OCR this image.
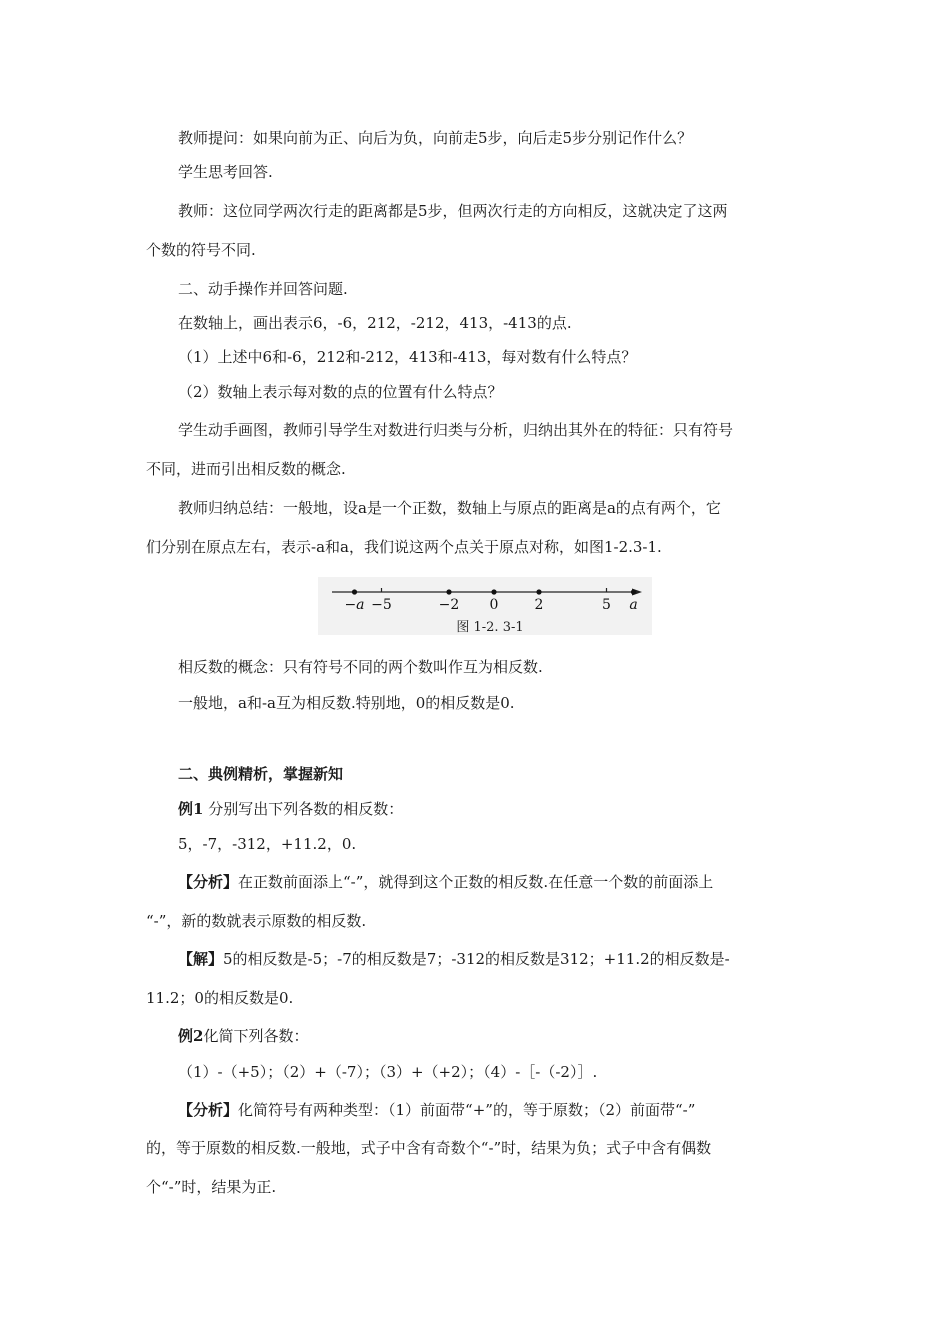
教师提问：如果向前为正、向后为负，向前走5步，向后走5步分别记作什么？
学生思考回答.
教师：这位同学两次行走的距离都是5步，但两次行走的方向相反，这就决定了这两
个数的符号不同.
二、动手操作并回答问题.
在数轴上，画出表示6，-6，212，-212，413，-413的点.
（1）上述中6和-6，212和-212，413和-413，每对数有什么特点？
（2）数轴上表示每对数的点的位置有什么特点？
学生动手画图，教师引导学生对数进行归类与分析，归纳出其外在的特征：只有符号
不同，进而引出相反数的概念.
教师归纳总结：一般地，设a是一个正数，数轴上与原点的距离是a的点有两个，它
们分别在原点左右，表示-a和a，我们说这两个点关于原点对称，如图1-2.3-1.
−a −5	−2 0	2	5 a
图 1-2. 3-1
相反数的概念：只有符号不同的两个数叫作互为相反数.
一般地，a和-a互为相反数.特别地，0的相反数是0.
二、典例精析，掌握新知
例1 分别写出下列各数的相反数：
5，-7，-312，+11.2，0.
【分析】在正数前面添上“-”，就得到这个正数的相反数.在任意一个数的前面添上
“-”，新的数就表示原数的相反数.
【解】5的相反数是-5；-7的相反数是7；-312的相反数是312；+11.2的相反数是-
11.2；0的相反数是0.
例2化简下列各数：
（1）-（+5）；（2）+（-7）；（3）+（+2）；（4）-［-（-2）］.
【分析】化简符号有两种类型：（1）前面带“+”的，等于原数；（2）前面带“-”
的，等于原数的相反数.一般地，式子中含有奇数个“-”时，结果为负；式子中含有偶数
个“-”时，结果为正.
